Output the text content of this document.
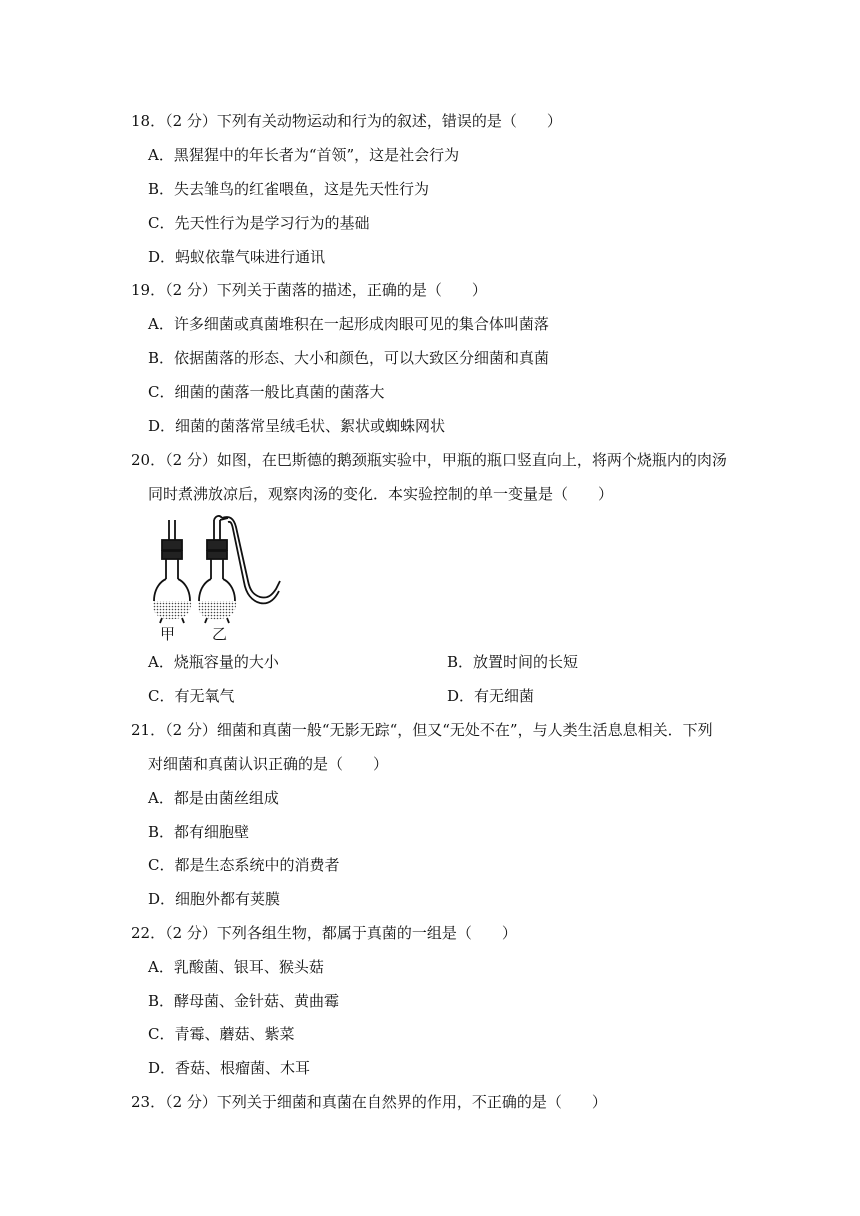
18．（2 分）下列有关动物运动和行为的叙述，错误的是（　　）
A．黑猩猩中的年长者为“首领”，这是社会行为
B．失去雏鸟的红雀喂鱼，这是先天性行为
C．先天性行为是学习行为的基础
D．蚂蚁依靠气味进行通讯
19．（2 分）下列关于菌落的描述，正确的是（　　）
A．许多细菌或真菌堆积在一起形成肉眼可见的集合体叫菌落
B．依据菌落的形态、大小和颜色，可以大致区分细菌和真菌
C．细菌的菌落一般比真菌的菌落大
D．细菌的菌落常呈绒毛状、絮状或蜘蛛网状
20．（2 分）如图，在巴斯德的鹅颈瓶实验中，甲瓶的瓶口竖直向上，将两个烧瓶内的肉汤
同时煮沸放凉后，观察肉汤的变化．本实验控制的单一变量是（　　）
甲 乙
A．烧瓶容量的大小	B．放置时间的长短
C．有无氧气	D．有无细菌
21．（2 分）细菌和真菌一般“无影无踪“，但又“无处不在”，与人类生活息息相关．下列
对细菌和真菌认识正确的是（　　）
A．都是由菌丝组成
B．都有细胞壁
C．都是生态系统中的消费者
D．细胞外都有荚膜
22．（2 分）下列各组生物，都属于真菌的一组是（　　）
A．乳酸菌、银耳、猴头菇
B．酵母菌、金针菇、黄曲霉
C．青霉、蘑菇、紫菜
D．香菇、根瘤菌、木耳
23．（2 分）下列关于细菌和真菌在自然界的作用，不正确的是（　　）
